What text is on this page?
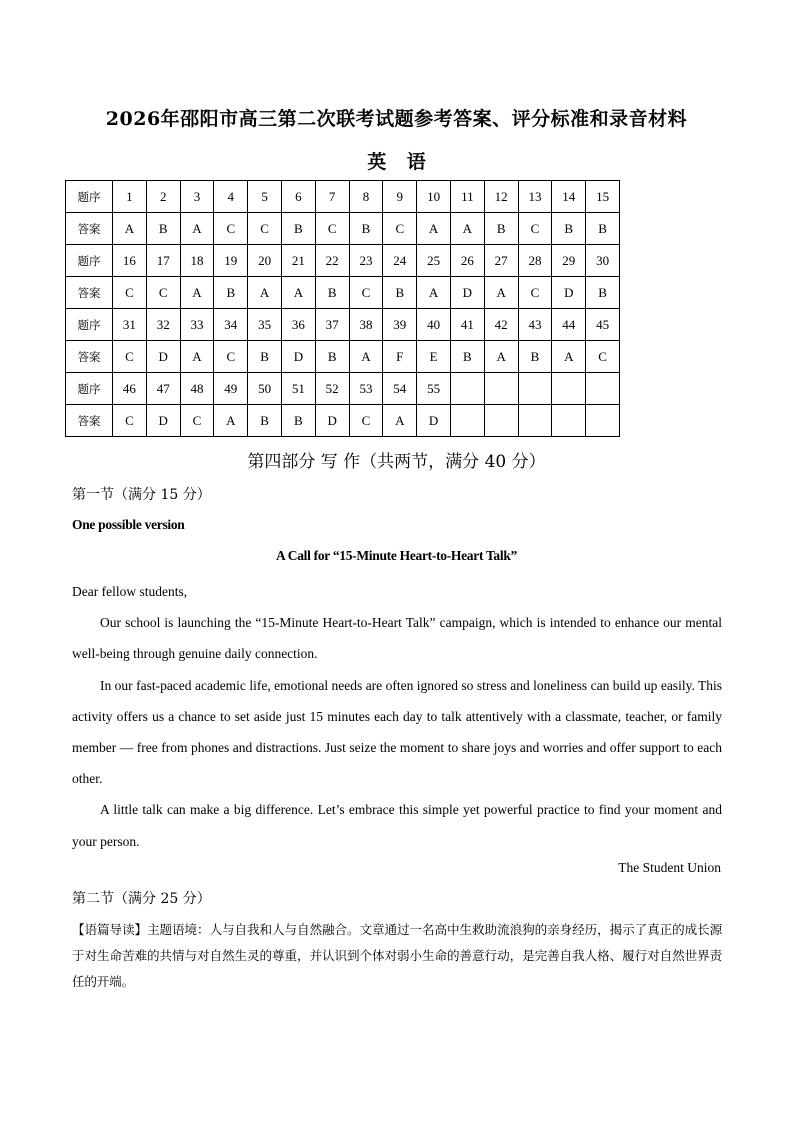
2026年邵阳市高三第二次联考试题参考答案、评分标准和录音材料
英 语
题序	1	2	3	4	5	6	7	8	9	10	11	12	13	14	15
答案	A	B	A	C	C	B	C	B	C	A	A	B	C	B	B
题序	16	17	18	19	20	21	22	23	24	25	26	27	28	29	30
答案	C	C	A	B	A	A	B	C	B	A	D	A	C	D	B
题序	31	32	33	34	35	36	37	38	39	40	41	42	43	44	45
答案	C	D	A	C	B	D	B	A	F	E	B	A	B	A	C
题序	46	47	48	49	50	51	52	53	54	55					
答案	C	D	C	A	B	B	D	C	A	D					
第四部分 写 作（共两节，满分 40 分）
第一节（满分 15 分）
One possible version
A Call for “15-Minute Heart-to-Heart Talk”

Dear fellow students,

Our school is launching the “15-Minute Heart-to-Heart Talk” campaign, which is intended to enhance our mental well-being through genuine daily connection.

In our fast-paced academic life, emotional needs are often ignored so stress and loneliness can build up easily. This activity offers us a chance to set aside just 15 minutes each day to talk attentively with a classmate, teacher, or family member — free from phones and distractions. Just seize the moment to share joys and worries and offer support to each other.

A little talk can make a big difference. Let’s embrace this simple yet powerful practice to find your moment and your person.

The Student Union
第二节（满分 25 分）
【语篇导读】主题语境：人与自我和人与自然融合。文章通过一名高中生救助流浪狗的亲身经历，揭示了真正的成长源于对生命苦难的共情与对自然生灵的尊重，并认识到个体对弱小生命的善意行动，是完善自我人格、履行对自然世界责任的开端。
